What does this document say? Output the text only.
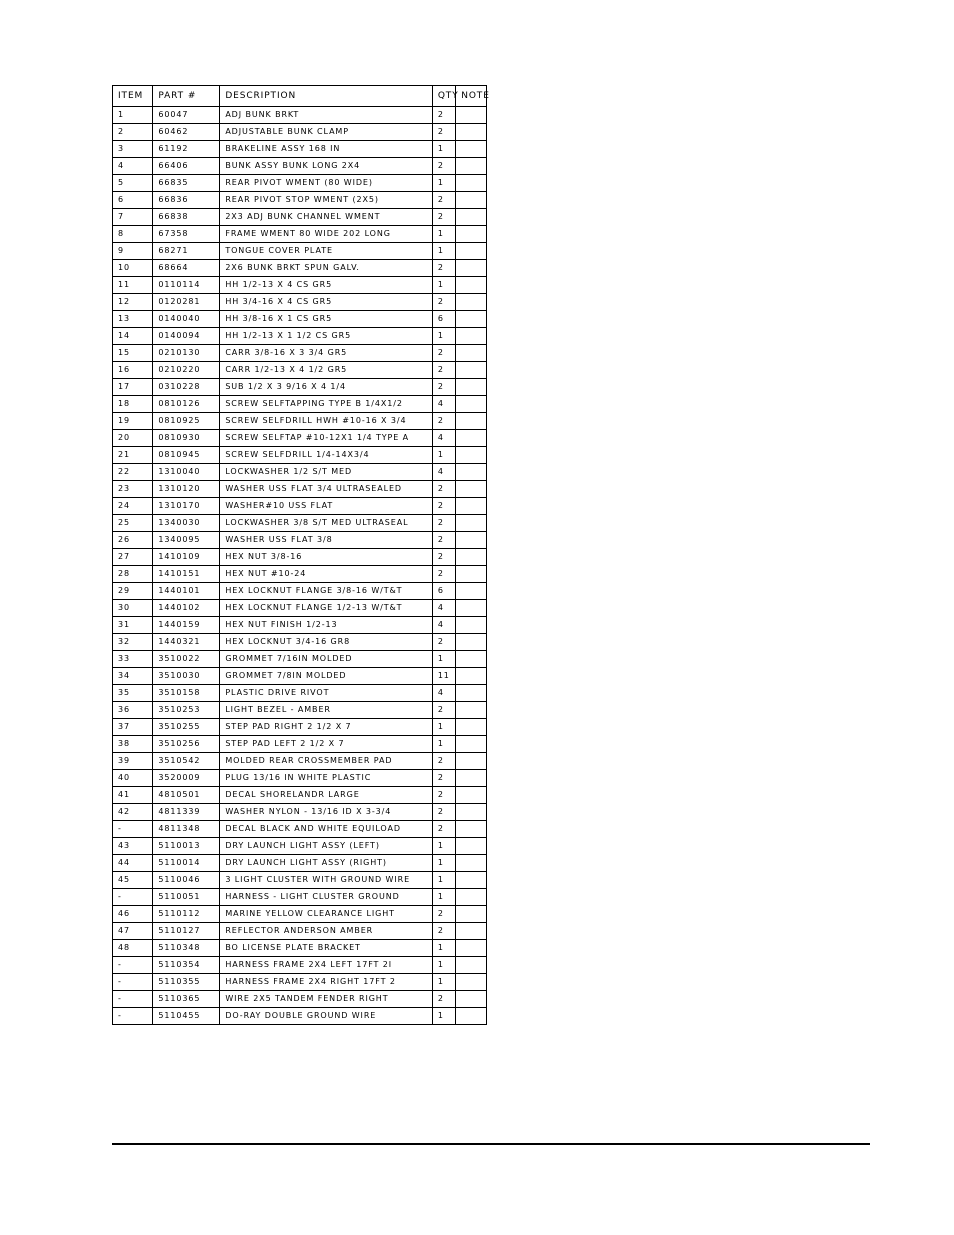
ITEM	PART #	DESCRIPTION	QTY	NOTE
1	60047	ADJ BUNK BRKT	2	
2	60462	ADJUSTABLE BUNK CLAMP	2	
3	61192	BRAKELINE ASSY 168 IN	1	
4	66406	BUNK ASSY BUNK LONG 2X4	2	
5	66835	REAR PIVOT WMENT (80 WIDE)	1	
6	66836	REAR PIVOT STOP WMENT (2X5)	2	
7	66838	2X3 ADJ BUNK CHANNEL WMENT	2	
8	67358	FRAME WMENT 80 WIDE 202 LONG	1	
9	68271	TONGUE COVER PLATE	1	
10	68664	2X6 BUNK BRKT SPUN GALV.	2	
11	0110114	HH 1/2-13 X 4 CS GR5	1	
12	0120281	HH 3/4-16 X 4 CS GR5	2	
13	0140040	HH 3/8-16 X 1 CS GR5	6	
14	0140094	HH 1/2-13 X 1 1/2 CS GR5	1	
15	0210130	CARR 3/8-16 X 3 3/4 GR5	2	
16	0210220	CARR 1/2-13 X 4 1/2 GR5	2	
17	0310228	SUB 1/2 X 3 9/16 X 4 1/4	2	
18	0810126	SCREW SELFTAPPING TYPE B 1/4X1/2	4	
19	0810925	SCREW SELFDRILL HWH #10-16 X 3/4	2	
20	0810930	SCREW SELFTAP #10-12X1 1/4 TYPE A	4	
21	0810945	SCREW SELFDRILL 1/4-14X3/4	1	
22	1310040	LOCKWASHER 1/2 S/T MED	4	
23	1310120	WASHER USS FLAT 3/4 ULTRASEALED	2	
24	1310170	WASHER#10 USS FLAT	2	
25	1340030	LOCKWASHER 3/8 S/T MED ULTRASEAL	2	
26	1340095	WASHER USS FLAT 3/8	2	
27	1410109	HEX NUT 3/8-16	2	
28	1410151	HEX NUT #10-24	2	
29	1440101	HEX LOCKNUT FLANGE 3/8-16 W/T&T	6	
30	1440102	HEX LOCKNUT FLANGE 1/2-13 W/T&T	4	
31	1440159	HEX NUT FINISH 1/2-13	4	
32	1440321	HEX LOCKNUT 3/4-16 GR8	2	
33	3510022	GROMMET 7/16IN MOLDED	1	
34	3510030	GROMMET 7/8IN MOLDED	11	
35	3510158	PLASTIC DRIVE RIVOT	4	
36	3510253	LIGHT BEZEL - AMBER	2	
37	3510255	STEP PAD RIGHT 2 1/2 X 7	1	
38	3510256	STEP PAD LEFT 2 1/2 X 7	1	
39	3510542	MOLDED REAR CROSSMEMBER PAD	2	
40	3520009	PLUG 13/16 IN WHITE PLASTIC	2	
41	4810501	DECAL SHORELANDR LARGE	2	
42	4811339	WASHER NYLON - 13/16 ID X 3-3/4	2	
-	4811348	DECAL BLACK AND WHITE EQUILOAD	2	
43	5110013	DRY LAUNCH LIGHT ASSY (LEFT)	1	
44	5110014	DRY LAUNCH LIGHT ASSY (RIGHT)	1	
45	5110046	3 LIGHT CLUSTER WITH GROUND WIRE	1	
-	5110051	HARNESS - LIGHT CLUSTER GROUND	1	
46	5110112	MARINE YELLOW CLEARANCE LIGHT	2	
47	5110127	REFLECTOR ANDERSON AMBER	2	
48	5110348	BO LICENSE PLATE BRACKET	1	
-	5110354	HARNESS FRAME 2X4 LEFT 17FT 2I	1	
-	5110355	HARNESS FRAME 2X4 RIGHT 17FT 2	1	
-	5110365	WIRE 2X5 TANDEM FENDER RIGHT	2	
-	5110455	DO-RAY DOUBLE GROUND WIRE	1	
